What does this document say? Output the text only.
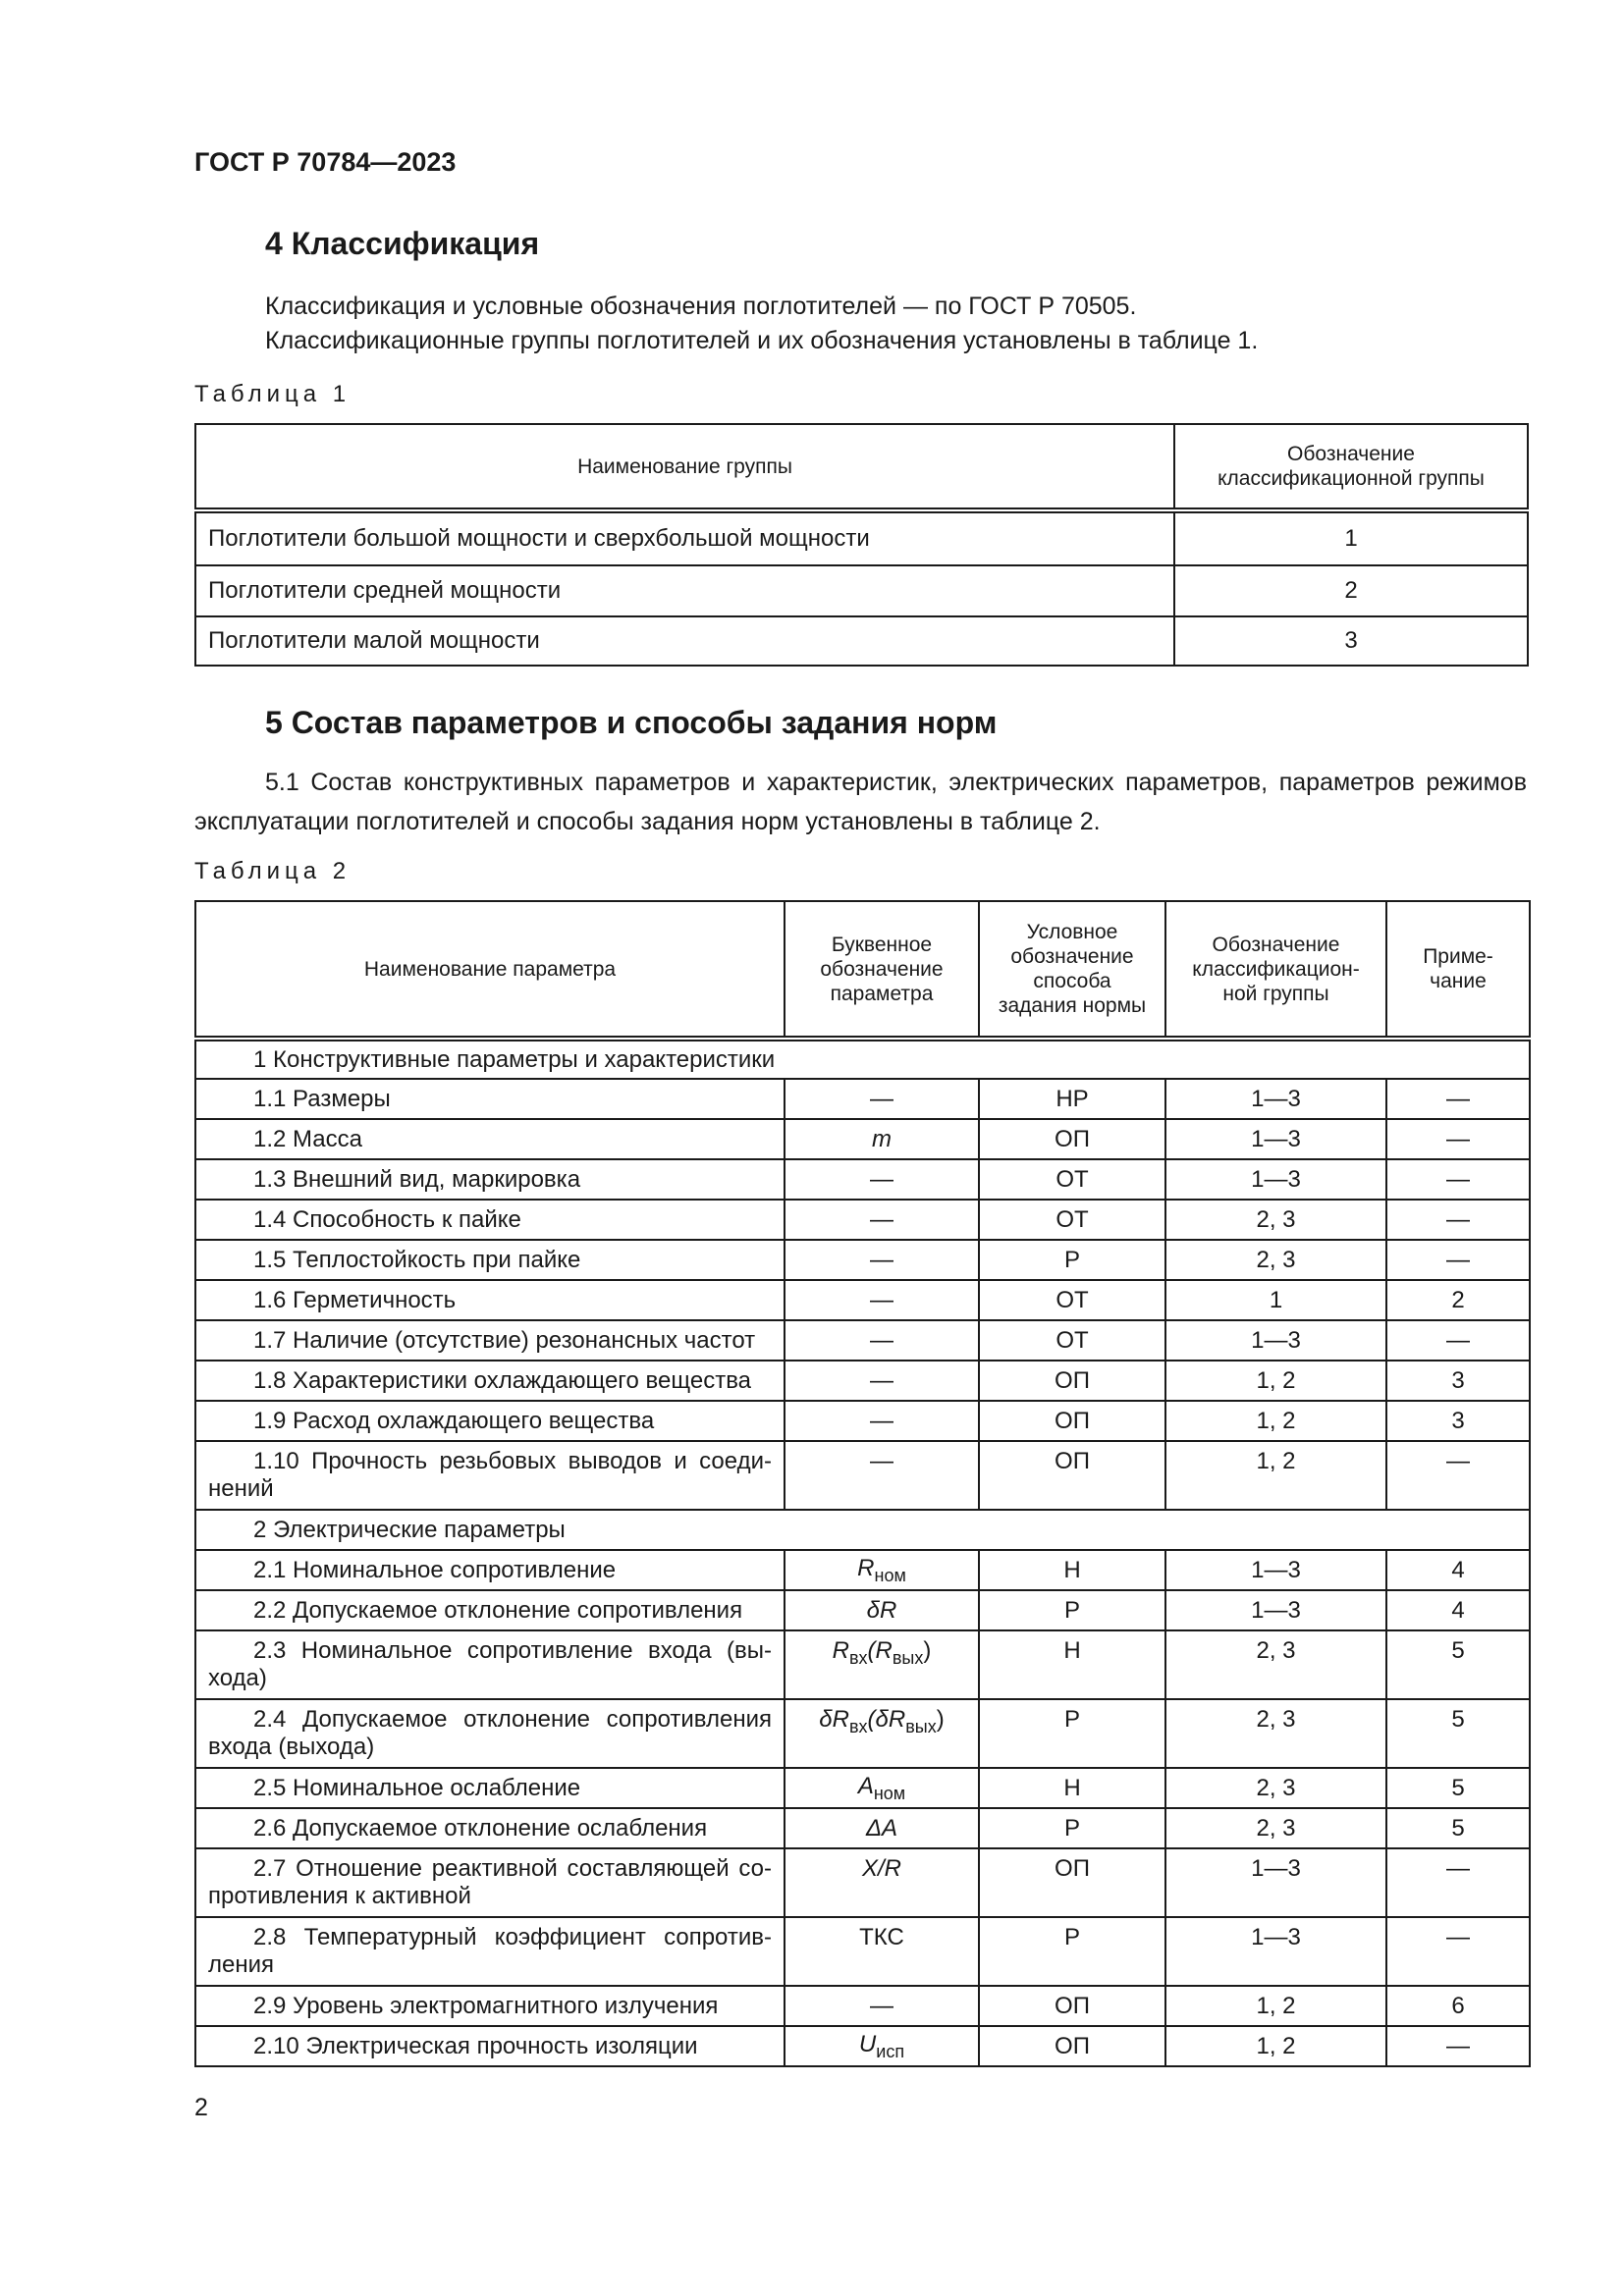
ГОСТ Р 70784—2023
4 Классификация
Классификация и условные обозначения поглотителей — по ГОСТ Р 70505.
Классификационные группы поглотителей и их обозначения установлены в таблице 1.
Таблица 1
Наименование группы	Обозначение классификационной группы
Поглотители большой мощности и сверхбольшой мощности	1
Поглотители средней мощности	2
Поглотители малой мощности	3
5 Состав параметров и способы задания норм
5.1 Состав конструктивных параметров и характеристик, электрических параметров, параметров режимов эксплуатации поглотителей и способы задания норм установлены в таблице 2.
Таблица 2
Наименование параметра	Буквенное обозначение параметра	Условное обозначение способа задания нормы	Обозначение классификацион-ной группы	Приме-чание
1 Конструктивные параметры и характеристики				
1.1 Размеры	—	НР	1—3	—
1.2 Масса	m	ОП	1—3	—
1.3 Внешний вид, маркировка	—	ОТ	1—3	—
1.4 Способность к пайке	—	ОТ	2, 3	—
1.5 Теплостойкость при пайке	—	Р	2, 3	—
1.6 Герметичность	—	ОТ	1	2
1.7 Наличие (отсутствие) резонансных частот	—	ОТ	1—3	—
1.8 Характеристики охлаждающего вещества	—	ОП	1, 2	3
1.9 Расход охлаждающего вещества	—	ОП	1, 2	3
1.10 Прочность резьбовых выводов и соеди-нений	—	ОП	1, 2	—
2 Электрические параметры				
2.1 Номинальное сопротивление	$R_{ном}$	Н	1—3	4
2.2 Допускаемое отклонение сопротивления	δR	Р	1—3	4
2.3 Номинальное сопротивление входа (вы-хода)	$R_{вх}(R_{вых})$	Н	2, 3	5
2.4 Допускаемое отклонение сопротивления входа (выхода)	$\delta R_{вх}(\delta R_{вых})$	Р	2, 3	5
2.5 Номинальное ослабление	$A_{ном}$	Н	2, 3	5
2.6 Допускаемое отклонение ослабления	ΔA	Р	2, 3	5
2.7 Отношение реактивной составляющей со-противления к активной	X/R	ОП	1—3	—
2.8 Температурный коэффициент сопротив-ления	ТКС	Р	1—3	—
2.9 Уровень электромагнитного излучения	—	ОП	1, 2	6
2.10 Электрическая прочность изоляции	$U_{исп}$	ОП	1, 2	—
2
